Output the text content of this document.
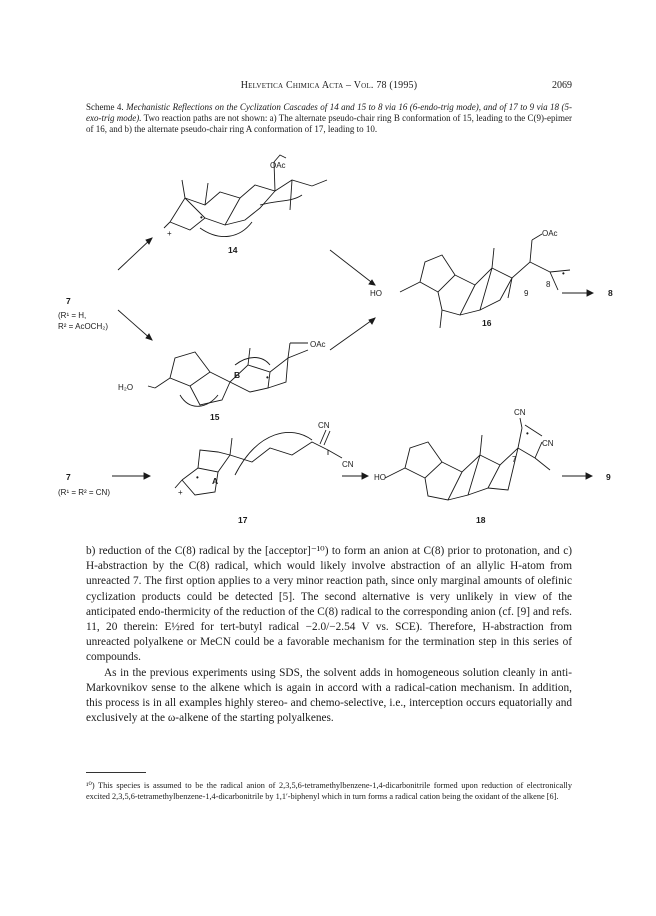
Helvetica Chimica Acta – Vol. 78 (1995)	2069
Scheme 4. Mechanistic Reflections on the Cyclization Cascades of 14 and 15 to 8 via 16 (6-endo-trig mode), and of 17 to 9 via 18 (5-exo-trig mode). Two reaction paths are not shown: a) The alternate pseudo-chair ring B conformation of 15, leading to the C(9)-epimer of 16, and b) the alternate pseudo-chair ring A conformation of 17, leading to 10.
OAc
+
•
14
7
(R¹ = H,
R² = AcOCH₂)
HO
OAc
9
8
•
16
8
OAc
H₂O
B	•
15
CN
CN
A
+
•
17
7
(R¹ = R² = CN)
HO
CN
CN
7
•
18
9

b) reduction of the C(8) radical by the [acceptor]⁻¹⁰) to form an anion at C(8) prior to protonation, and c) H-abstraction by the C(8) radical, which would likely involve abstraction of an allylic H-atom from unreacted 7. The first option applies to a very minor reaction path, since only marginal amounts of olefinic cyclization products could be detected [5]. The second alternative is very unlikely in view of the anticipated endo-thermicity of the reduction of the C(8) radical to the corresponding anion (cf. [9] and refs. 11, 20 therein: E½red for tert-butyl radical −2.0/−2.54 V vs. SCE). Therefore, H-abstraction from unreacted polyalkene or MeCN could be a favorable mechanism for the termination step in this series of compounds.

As in the previous experiments using SDS, the solvent adds in homogeneous solution cleanly in anti-Markovnikov sense to the alkene which is again in accord with a radical-cation mechanism. In addition, this process is in all examples highly stereo- and chemo-selective, i.e., interception occurs equatorially and exclusively at the ω-alkene of the starting polyalkenes.

¹⁰) This species is assumed to be the radical anion of 2,3,5,6-tetramethylbenzene-1,4-dicarbonitrile formed upon reduction of electronically excited 2,3,5,6-tetramethylbenzene-1,4-dicarbonitrile by 1,1′-biphenyl which in turn forms a radical cation being the oxidant of the alkene [6].
